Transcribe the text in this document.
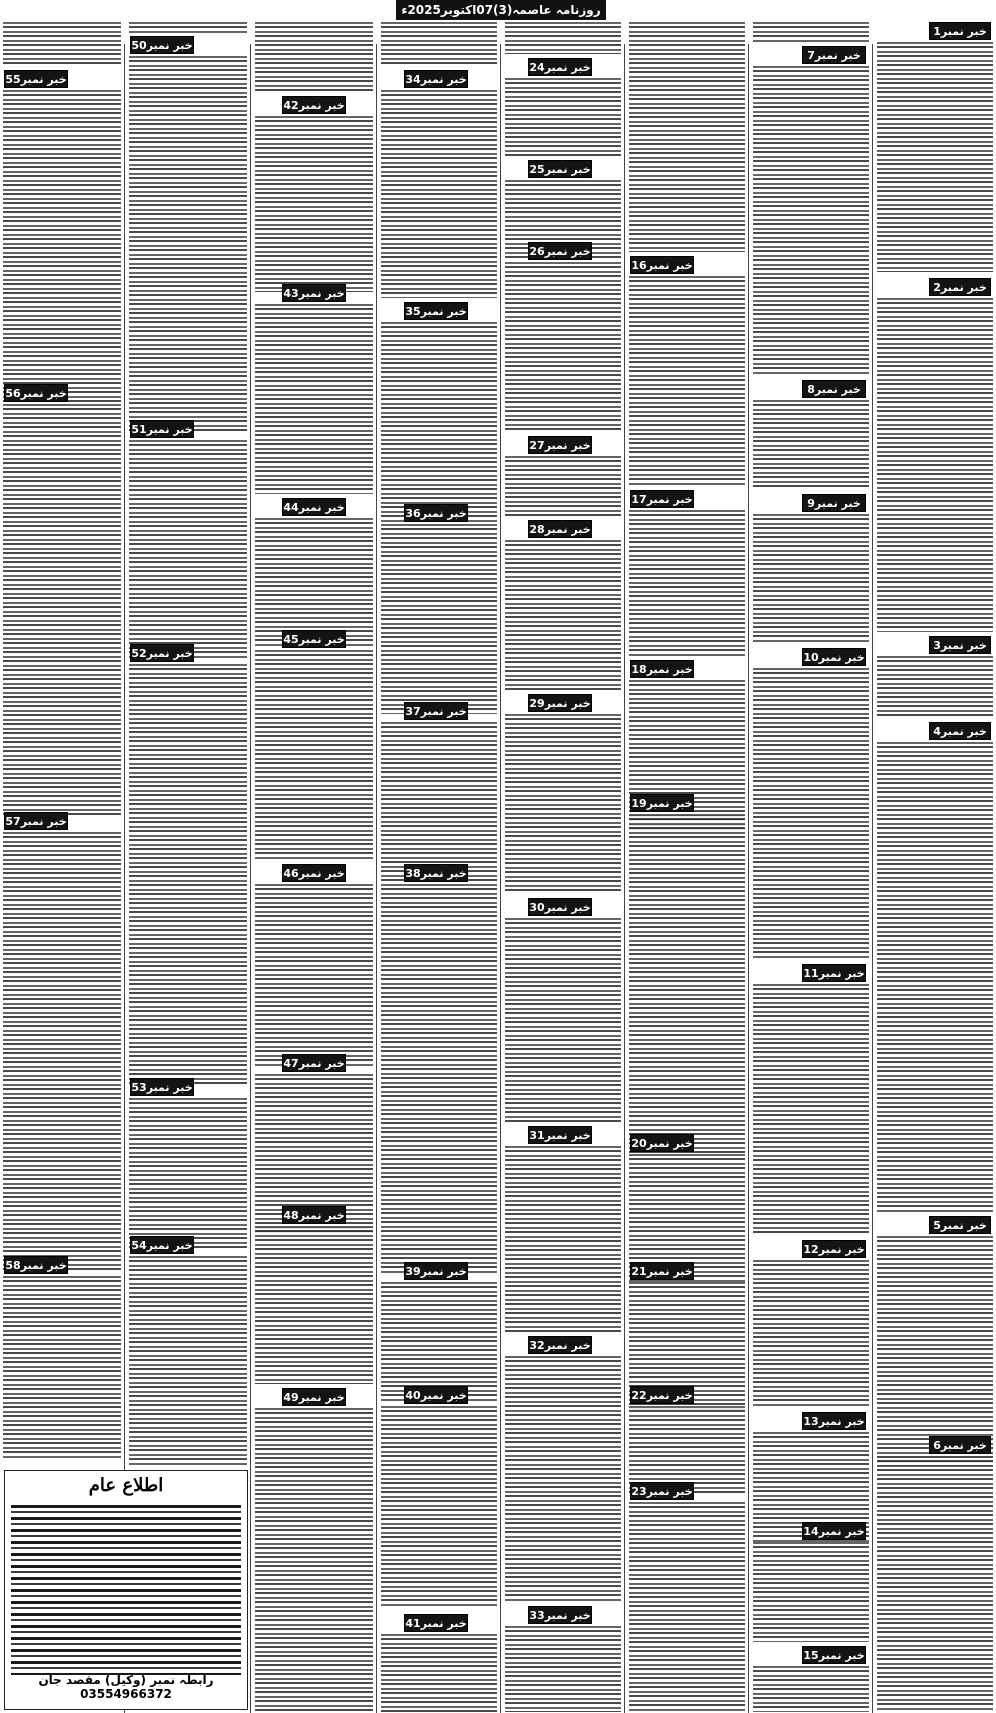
روزنامہ عاصمہ(3)07اکتوبر2025ء
خبر نمبر1
خبر نمبر2
خبر نمبر3
خبر نمبر4
خبر نمبر5
خبر نمبر6
خبر نمبر7
خبر نمبر8
خبر نمبر9
خبر نمبر10
خبر نمبر11
خبر نمبر12
خبر نمبر13
خبر نمبر14
خبر نمبر15
خبر نمبر16
خبر نمبر17
خبر نمبر18
خبر نمبر19
خبر نمبر20
خبر نمبر21
خبر نمبر22
خبر نمبر23
خبر نمبر24
خبر نمبر25
خبر نمبر26
خبر نمبر27
خبر نمبر28
خبر نمبر29
خبر نمبر30
خبر نمبر31
خبر نمبر32
خبر نمبر33
خبر نمبر34
خبر نمبر35
خبر نمبر36
خبر نمبر37
خبر نمبر38
خبر نمبر39
خبر نمبر40
خبر نمبر41
خبر نمبر42
خبر نمبر43
خبر نمبر44
خبر نمبر45
خبر نمبر46
خبر نمبر47
خبر نمبر48
خبر نمبر49
خبر نمبر50
خبر نمبر51
خبر نمبر52
خبر نمبر53
خبر نمبر54
خبر نمبر55
خبر نمبر56
خبر نمبر57
خبر نمبر58
اطلاع عام
رابطہ نمبر (وکیل) مقصد جان 03554966372
